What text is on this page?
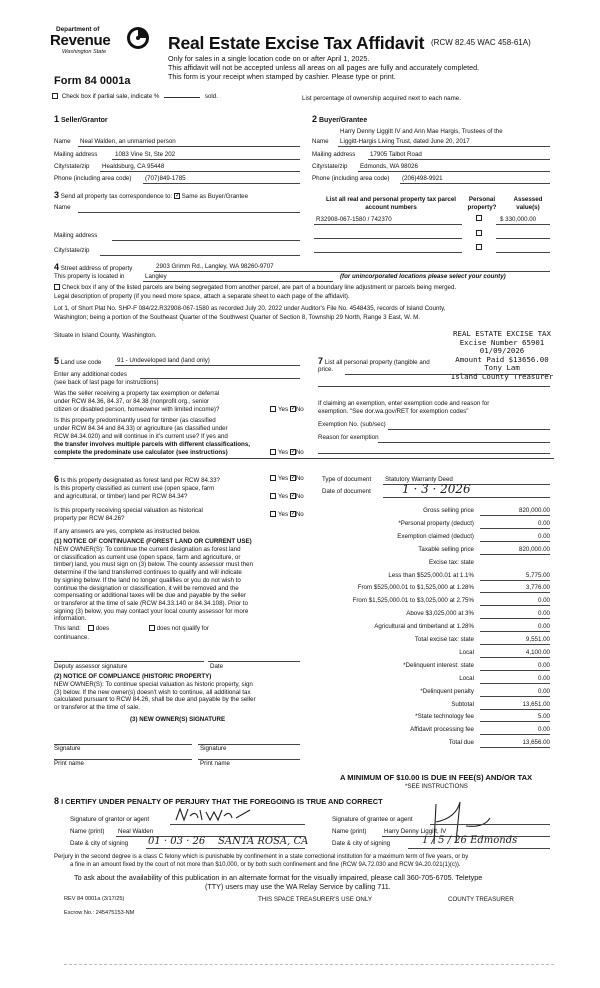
Department of
Revenue
Washington State
Form 84 0001a
Real Estate Excise Tax Affidavit (RCW 82.45 WAC 458-61A)
Only for sales in a single location code on or after April 1, 2025.
This affidavit will not be accepted unless all areas on all pages are fully and accurately completed.
This form is your receipt when stamped by cashier. Please type or print.
Check box if partial sale, indicate %	sold.	List percentage of ownership acquired next to each name.
1 Seller/Grantor
Name Neal Walden, an unmarried person
Mailing address	1083 Vine St, Ste 202
City/state/zip Healdsburg, CA 95448
Phone (including area code) (707)849-1785
2 Buyer/Grantee
Harry Denny Liggitt IV and Ann Mae Hargis, Trustees of the
Name Liggitt-Hargis Living Trust, dated June 20, 2017
Mailing address 17905 Talbot Road
City/state/zip Edmonds, WA 98026
Phone (including area code) (206)498-9921
3 Send all property tax correspondence to: ✓ Same as Buyer/Grantee
Name
Mailing address
City/state/zip
List all real and personal property tax parcel account numbers
Personal property?
Assessed value(s)
R32908-067-1580 / 742370	$ 330,000.00
4 Street address of property	2903 Grimm Rd., Langley, WA 98260-9707
This property is located in	Langley	(for unincorporated locations please select your county)
Check box if any of the listed parcels are being segregated from another parcel, are part of a boundary line adjustment or parcels being merged.
Legal description of property (if you need more space, attach a separate sheet to each page of the affidavit).
Lot 1, of Short Plat No. SHP-F 084/22.R32908-067-1580 as recorded July 20, 2022 under Auditor's File No. 4548435, records of Island County,
Washington; being a portion of the Southeast Quarter of the Southwest Quarter of Section 8, Township 29 North, Range 3 East, W. M.
Situate in Island County, Washington.	REAL ESTATE EXCISE TAX
Excise Number 65901
01/09/2026
Amount Paid $13656.00
Tony Lam
Island County Treasurer
5 Land use code	91 - Undeveloped land (land only)
Enter any additional codes
(see back of last page for instructions)
Was the seller receiving a property tax exemption or deferral
under RCW 84.36, 84.37, or 84.38 (nonprofit org., senior
citizen or disabled person, homeowner with limited income)?	Yes ✓No
Is this property predominantly used for timber (as classified
under RCW 84.34 and 84.33) or agriculture (as classified under
RCW 84.34.020) and will continue in it's current use? If yes and
the transfer involves multiple parcels with different classifications,
complete the predominate use calculator (see instructions)	Yes ✓No
7 List all personal property (tangible and
price.
If claiming an exemption, enter exemption code and reason for
exemption. "See dor.wa.gov/RET for exemption codes"
Exemption No. (sub/sec)
Reason for exemption
6 Is this property designated as forest land per RCW 84.33?	Yes ✓No
Is this property classified as current use (open space, farm
and agricultural, or timber) land per RCW 84.34?	Yes ✓No
Is this property receiving special valuation as historical
property per RCW 84.26?
Yes ✓No
If any answers are yes, complete as instructed below.
(1) NOTICE OF CONTINUANCE (FOREST LAND OR CURRENT USE)
NEW OWNER(S): To continue the current designation as forest land
or classification as current use (open space, farm and agriculture, or
timber) land, you must sign on (3) below. The county assessor must then
determine if the land transferred continues to qualify and will indicate
by signing below. If the land no longer qualifies or you do not wish to
continue the designation or classification, it will be removed and the
compensating or additional taxes will be due and payable by the seller
or transferor at the time of sale (RCW 84.33.140 or 84.34.108). Prior to
signing (3) below, you may contact your local county assessor for more
information.
This land: does	does not qualify for
continuance.
Deputy assessor signature	Date
(2) NOTICE OF COMPLIANCE (HISTORIC PROPERTY)
NEW OWNER(S): To continue special valuation as historic property, sign
(3) below. If the new owner(s) doesn't wish to continue, all additional tax
calculated pursuant to RCW 84.26, shall be due and payable by the seller
or transferor at the time of sale.
(3) NEW OWNER(S) SIGNATURE
Signature	Signature
Print name	Print name
Type of document Statutory Warranty Deed
Date of document	1 · 3 · 2026
Gross selling price	820,000.00
*Personal property (deduct)	0.00
Exemption claimed (deduct)	0.00
Taxable selling price	820,000.00
Excise tax: state
Less than $525,000.01 at 1.1%	5,775.00
From $525,000.01 to $1,525,000 at 1.28%	3,776.00
From $1,525,000.01 to $3,025,000 at 2.75%	0.00
Above $3,025,000 at 3%	0.00
Agricultural and timberland at 1.28%	0.00
Total excise tax: state	9,551.00
Local	4,100.00
*Delinquent interest: state	0.00
Local	0.00
*Delinquent penalty	0.00
Subtotal	13,651.00
*State technology fee	5.00
Affidavit processing fee	0.00
Total due	13,656.00
A MINIMUM OF $10.00 IS DUE IN FEE(S) AND/OR TAX
*SEE INSTRUCTIONS
8 I CERTIFY UNDER PENALTY OF PERJURY THAT THE FOREGOING IS TRUE AND CORRECT
Signature of grantor or agent
Name (print) Neal Walden
Date & city of signing 01 · 03 · 26 SANTA ROSA, CA
Signature of grantee or agent
Name (print)	Harry Denny Liggitt, IV
Date & city of signing	1 / 5 / 26 Edmonds
Perjury in the second degree is a class C felony which is punishable by confinement in a state correctional institution for a maximum term of five years, or by
a fine in an amount fixed by the court of not more than $10,000, or by both such confinement and fine (RCW 9A.72.030 and RCW 9A.20.021(1)(c)).
To ask about the availability of this publication in an alternate format for the visually impaired, please call 360-705-6705. Teletype
(TTY) users may use the WA Relay Service by calling 711.
REV 84 0001a (3/17/25)	THIS SPACE TREASURER'S USE ONLY	COUNTY TREASURER
Escrow No.: 245475153-NM
